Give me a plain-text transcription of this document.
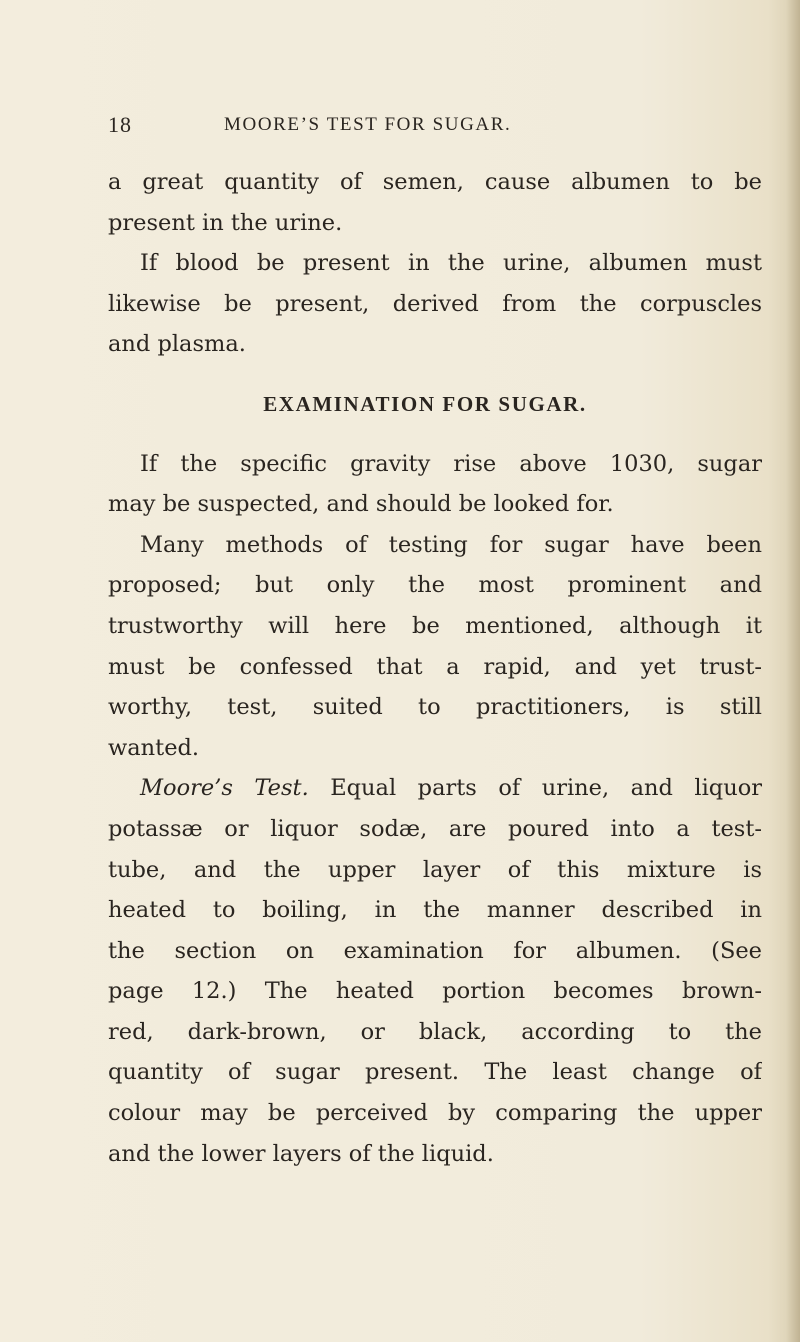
18	MOORE’S TEST FOR SUGAR.
a great quantity of semen, cause albumen to be
present in the urine.
If blood be present in the urine, albumen must
likewise be present, derived from the corpuscles
and plasma.
EXAMINATION FOR SUGAR.
If the specific gravity rise above 1030, sugar
may be suspected, and should be looked for.
Many methods of testing for sugar have been
proposed; but only the most prominent and
trustworthy will here be mentioned, although it
must be confessed that a rapid, and yet trust-
worthy, test, suited to practitioners, is still
wanted.
Moore’s Test. Equal parts of urine, and liquor
potassæ or liquor sodæ, are poured into a test-
tube, and the upper layer of this mixture is
heated to boiling, in the manner described in
the section on examination for albumen. (See
page 12.) The heated portion becomes brown-
red, dark-brown, or black, according to the
quantity of sugar present. The least change of
colour may be perceived by comparing the upper
and the lower layers of the liquid.
